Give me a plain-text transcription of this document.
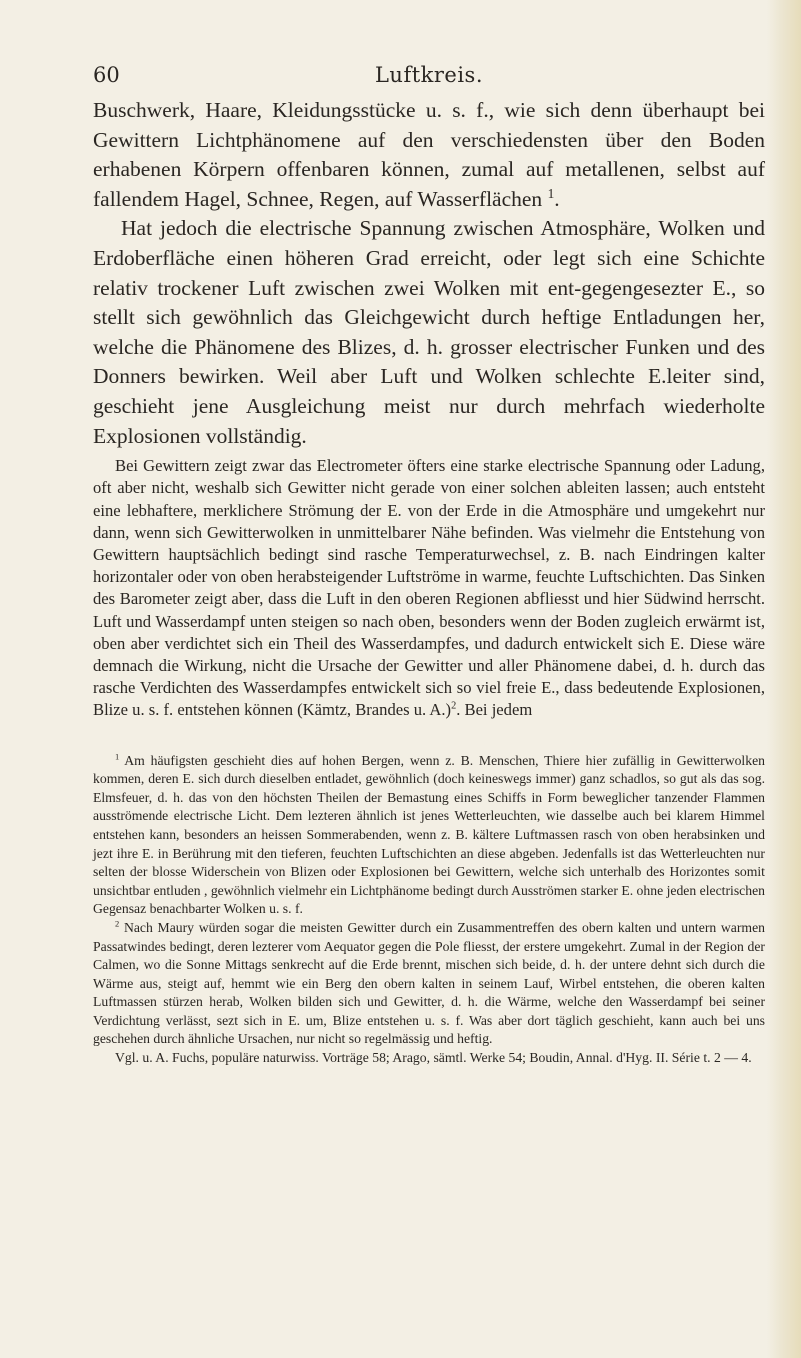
60	Luftkreis.

Buschwerk, Haare, Kleidungsstücke u. s. f., wie sich denn überhaupt bei Gewittern Lichtphänomene auf den verschiedensten über den Boden erhabenen Körpern offenbaren können, zumal auf metallenen, selbst auf fallendem Hagel, Schnee, Regen, auf Wasserflächen $^1$.

Hat jedoch die electrische Spannung zwischen Atmosphäre, Wolken und Erdoberfläche einen höheren Grad erreicht, oder legt sich eine Schichte relativ trockener Luft zwischen zwei Wolken mit ent-gegengesezter E., so stellt sich gewöhnlich das Gleichgewicht durch heftige Entladungen her, welche die Phänomene des Blizes, d. h. grosser electrischer Funken und des Donners bewirken. Weil aber Luft und Wolken schlechte E.leiter sind, geschieht jene Ausgleichung meist nur durch mehrfach wiederholte Explosionen vollständig.

Bei Gewittern zeigt zwar das Electrometer öfters eine starke electrische Spannung oder Ladung, oft aber nicht, weshalb sich Gewitter nicht gerade von einer solchen ableiten lassen; auch entsteht eine lebhaftere, merklichere Strömung der E. von der Erde in die Atmosphäre und umgekehrt nur dann, wenn sich Gewitterwolken in unmittelbarer Nähe befinden. Was vielmehr die Entstehung von Gewittern hauptsächlich bedingt sind rasche Temperaturwechsel, z. B. nach Eindringen kalter horizontaler oder von oben herabsteigender Luftströme in warme, feuchte Luftschichten. Das Sinken des Barometer zeigt aber, dass die Luft in den oberen Regionen abfliesst und hier Südwind herrscht. Luft und Wasserdampf unten steigen so nach oben, besonders wenn der Boden zugleich erwärmt ist, oben aber verdichtet sich ein Theil des Wasserdampfes, und dadurch entwickelt sich E. Diese wäre demnach die Wirkung, nicht die Ursache der Gewitter und aller Phänomene dabei, d. h. durch das rasche Verdichten des Wasserdampfes entwickelt sich so viel freie E., dass bedeutende Explosionen, Blize u. s. f. entstehen können (Kämtz, Brandes u. A.)$^2$. Bei jedem

$^1$ Am häufigsten geschieht dies auf hohen Bergen, wenn z. B. Menschen, Thiere hier zufällig in Gewitterwolken kommen, deren E. sich durch dieselben entladet, gewöhnlich (doch keineswegs immer) ganz schadlos, so gut als das sog. Elmsfeuer, d. h. das von den höchsten Theilen der Bemastung eines Schiffs in Form beweglicher tanzender Flammen ausströmende electrische Licht. Dem lezteren ähnlich ist jenes Wetterleuchten, wie dasselbe auch bei klarem Himmel entstehen kann, besonders an heissen Sommerabenden, wenn z. B. kältere Luftmassen rasch von oben herabsinken und jezt ihre E. in Berührung mit den tieferen, feuchten Luftschichten an diese abgeben. Jedenfalls ist das Wetterleuchten nur selten der blosse Widerschein von Blizen oder Explosionen bei Gewittern, welche sich unterhalb des Horizontes somit unsichtbar entluden , gewöhnlich vielmehr ein Lichtphänome bedingt durch Ausströmen starker E. ohne jeden electrischen Gegensaz benachbarter Wolken u. s. f.

$^2$ Nach Maury würden sogar die meisten Gewitter durch ein Zusammentreffen des obern kalten und untern warmen Passatwindes bedingt, deren lezterer vom Aequator gegen die Pole fliesst, der erstere umgekehrt. Zumal in der Region der Calmen, wo die Sonne Mittags senkrecht auf die Erde brennt, mischen sich beide, d. h. der untere dehnt sich durch die Wärme aus, steigt auf, hemmt wie ein Berg den obern kalten in seinem Lauf, Wirbel entstehen, die oberen kalten Luftmassen stürzen herab, Wolken bilden sich und Gewitter, d. h. die Wärme, welche den Wasserdampf bei seiner Verdichtung verlässt, sezt sich in E. um, Blize entstehen u. s. f. Was aber dort täglich geschieht, kann auch bei uns geschehen durch ähnliche Ursachen, nur nicht so regelmässig und heftig.

Vgl. u. A. Fuchs, populäre naturwiss. Vorträge 58; Arago, sämtl. Werke 54; Boudin, Annal. d'Hyg. II. Série t. 2 — 4.
